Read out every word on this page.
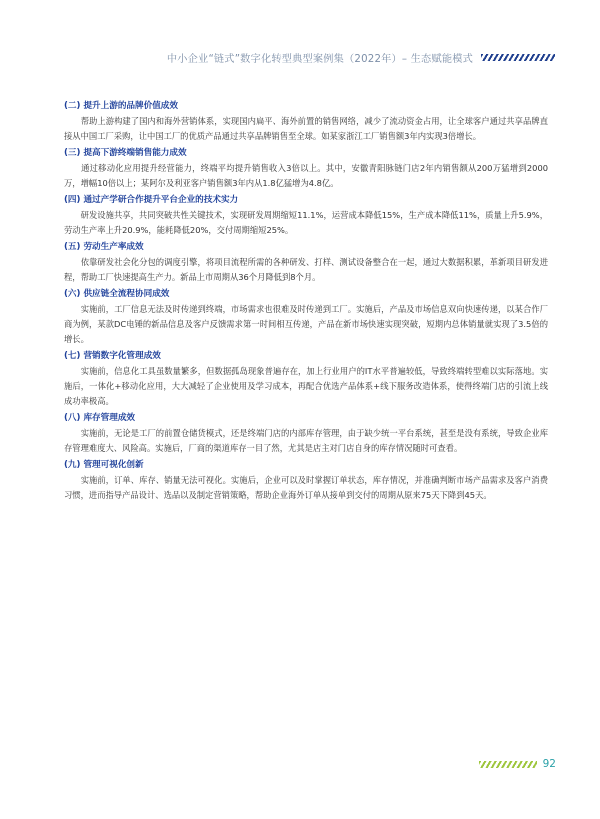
中小企业“链式”数字化转型典型案例集（2022年）– 生态赋能模式
(二) 提升上游的品牌价值成效

　　帮助上游构建了国内和海外营销体系，实现国内扁平、海外前置的销售网络，减少了流动资金占用，让全球客户通过共享品牌直接从中国工厂采购，让中国工厂的优质产品通过共享品牌销售至全球。如某家浙江工厂销售额3年内实现3倍增长。

(三) 提高下游终端销售能力成效

　　通过移动化应用提升经营能力，终端平均提升销售收入3倍以上。其中，安徽青阳脉链门店2年内销售额从200万猛增到2000万，增幅10倍以上；某阿尔及利亚客户销售额3年内从1.8亿猛增为4.8亿。

(四) 通过产学研合作提升平台企业的技术实力

　　研发设施共享，共同突破共性关键技术，实现研发周期缩短11.1%，运营成本降低15%，生产成本降低11%，质量上升5.9%，劳动生产率上升20.9%，能耗降低20%，交付周期缩短25%。

(五) 劳动生产率成效

　　依靠研发社会化分包的调度引擎，将项目流程所需的各种研发、打样、测试设备整合在一起，通过大数据积累，革新项目研发进程，帮助工厂快速提高生产力。新品上市周期从36个月降低到8个月。

(六) 供应链全流程协同成效

　　实施前，工厂信息无法及时传递到终端，市场需求也很难及时传递到工厂。实施后，产品及市场信息双向快速传递，以某合作厂商为例，某款DC电锤的新品信息及客户反馈需求第一时间相互传递，产品在新市场快速实现突破，短期内总体销量就实现了3.5倍的增长。

(七) 营销数字化管理成效

　　实施前，信息化工具虽数量繁多，但数据孤岛现象普遍存在，加上行业用户的IT水平普遍较低，导致终端转型难以实际落地。实施后，一体化+移动化应用，大大减轻了企业使用及学习成本，再配合优选产品体系+线下服务改造体系，使得终端门店的引流上线成功率极高。

(八) 库存管理成效

　　实施前，无论是工厂的前置仓储货模式，还是终端门店的内部库存管理，由于缺少统一平台系统，甚至是没有系统，导致企业库存管理难度大、风险高。实施后，厂商的渠道库存一目了然，尤其是店主对门店自身的库存情况随时可查看。

(九) 管理可视化创新

　　实施前，订单、库存、销量无法可视化。实施后，企业可以及时掌握订单状态，库存情况，并准确判断市场产品需求及客户消费习惯，进而指导产品设计、选品以及制定营销策略，帮助企业海外订单从接单到交付的周期从原来75天下降到45天。

92
